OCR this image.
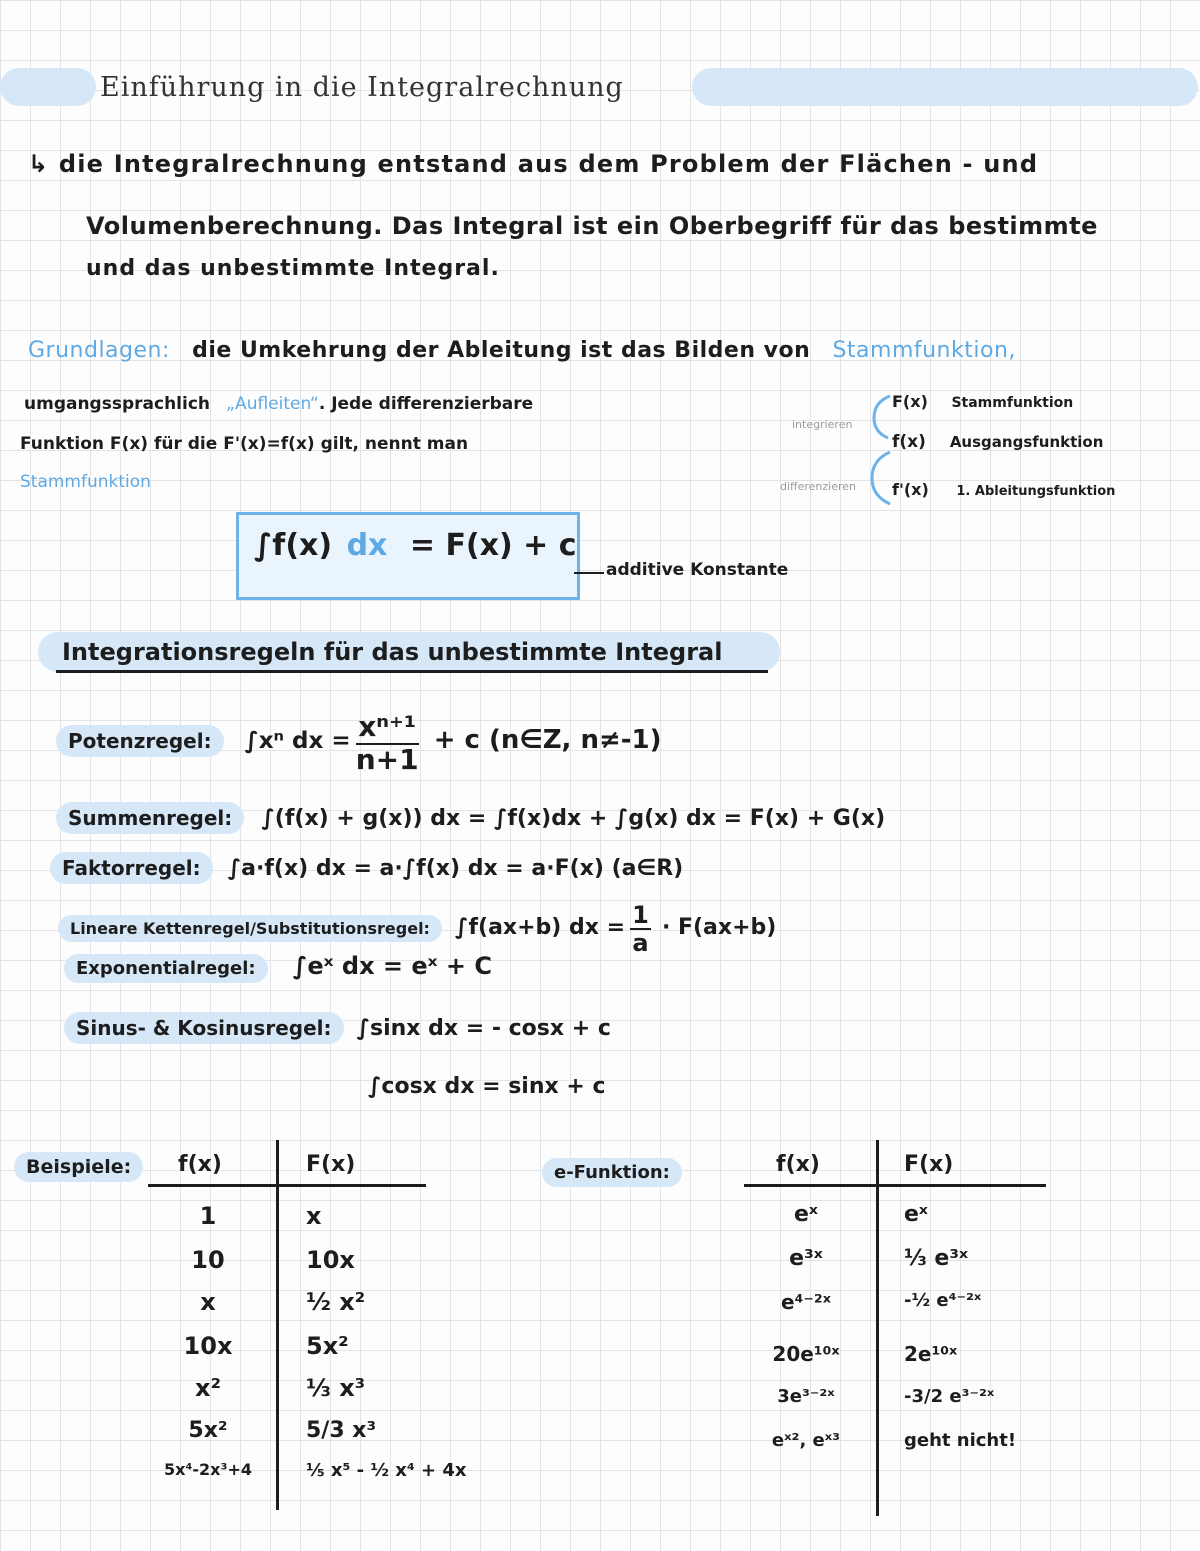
Einführung in die Integralrechnung
↳ die Integralrechnung entstand aus dem Problem der Flächen - und
Volumenberechnung. Das Integral ist ein Oberbegriff für das bestimmte
und das unbestimmte Integral.
Grundlagen: die Umkehrung der Ableitung ist das Bilden von Stammfunktion,
umgangssprachlich „Aufleiten“. Jede differenzierbare
Funktion F(x) für die F'(x)=f(x) gilt, nennt man
Stammfunktion
integrieren
differenzieren
F(x) Stammfunktion
f(x) Ausgangsfunktion
f'(x) 1. Ableitungsfunktion
∫f(x) dx = F(x) + c
additive Konstante
Integrationsregeln für das unbestimmte Integral
Potenzregel: ∫xⁿ dx = $\frac{\text{xⁿ⁺¹}}{n+1} + c$ (n∈Z, n≠-1)
Summenregel: ∫(f(x) + g(x)) dx = ∫f(x)dx + ∫g(x) dx = F(x) + G(x)
Faktorregel: ∫a·f(x) dx = a·∫f(x) dx = a·F(x) (a∈R)
Lineare Kettenregel/Substitutionsregel: ∫f(ax+b) dx = $\frac{1}{a} \cdot F(ax+b)$
Exponentialregel: ∫eˣ dx = eˣ + C
Sinus- & Kosinusregel: ∫sinx dx = - cosx + c
∫cosx dx = sinx + c
Beispiele:	f(x)	F(x)
1	x
10	10x
x	½ x²
10x	5x²
x²	⅓ x³
5x²	5/3 x³
5x⁴-2x³+4	⅕ x⁵ - ½ x⁴ + 4x
e-Funktion:	f(x)	F(x)
eˣ	eˣ
e³ˣ	⅓ e³ˣ
e⁴⁻²ˣ	-½ e⁴⁻²ˣ
20e¹⁰ˣ	2e¹⁰ˣ
3e³⁻²ˣ	-3/2 e³⁻²ˣ
eˣ², eˣ³	geht nicht!
